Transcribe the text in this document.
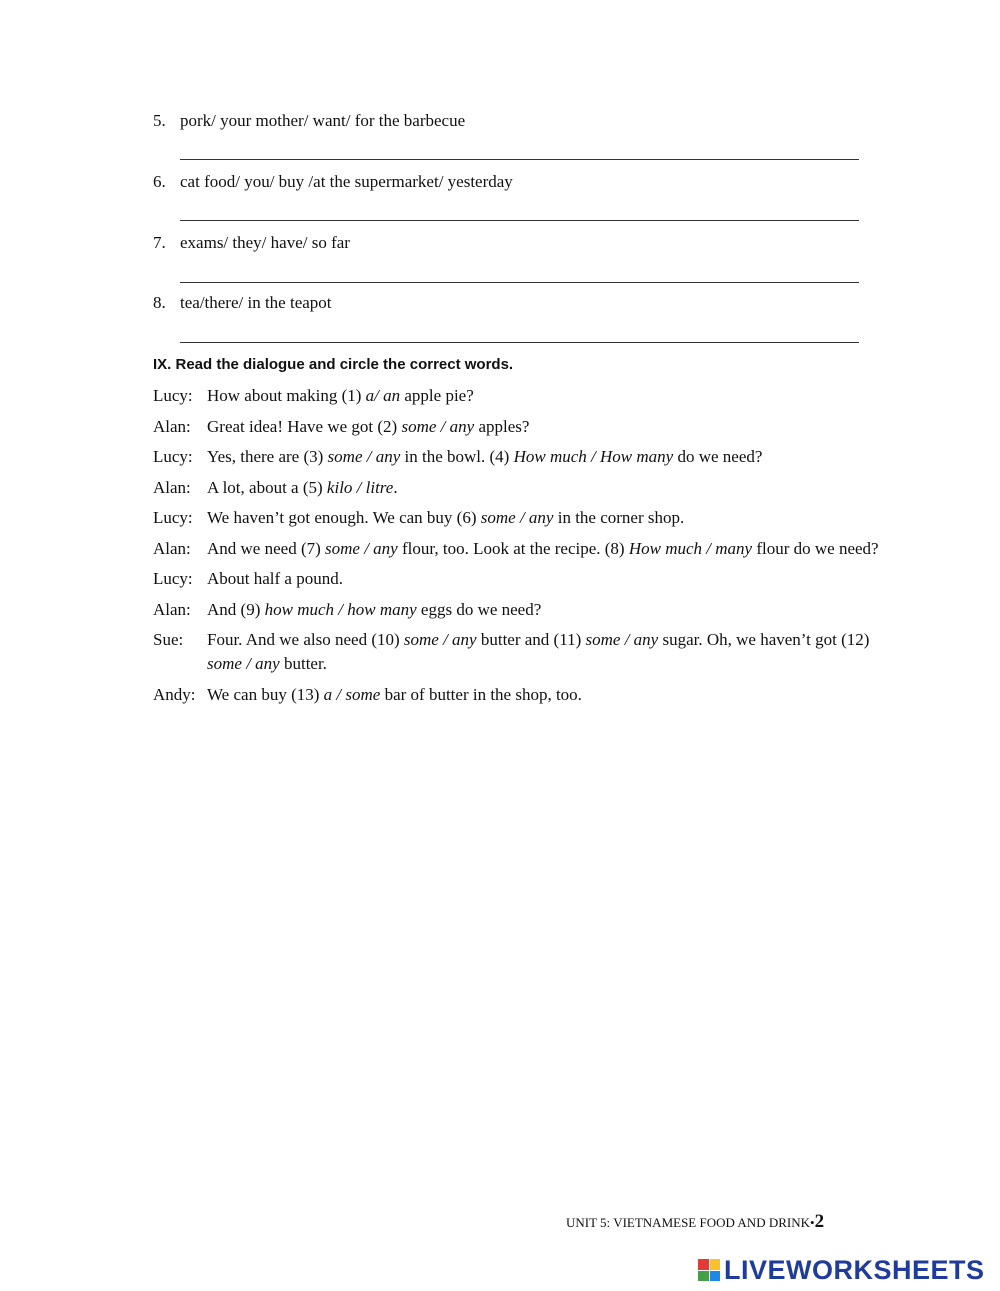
5. pork/ your mother/ want/ for the barbecue
6. cat food/ you/ buy /at the supermarket/ yesterday
7. exams/ they/ have/ so far
8. tea/there/ in the teapot
IX. Read the dialogue and circle the correct words.
Lucy: How about making (1) a/ an apple pie?
Alan: Great idea! Have we got (2) some / any apples?
Lucy: Yes, there are (3) some / any in the bowl. (4) How much / How many do we need?
Alan: A lot, about a (5) kilo / litre.
Lucy: We haven’t got enough. We can buy (6) some / any in the corner shop.
Alan: And we need (7) some / any flour, too. Look at the recipe. (8) How much / many flour do we need?
Lucy: About half a pound.
Alan: And (9) how much / how many eggs do we need?
Sue:	Four. And we also need (10) some / any butter and (11) some / any sugar. Oh, we haven’t got (12) some / any butter.
Andy: We can buy (13) a / some bar of butter in the shop, too.
UNIT 5: VIETNAMESE FOOD AND DRINK•2
LIVEWORKSHEETS
